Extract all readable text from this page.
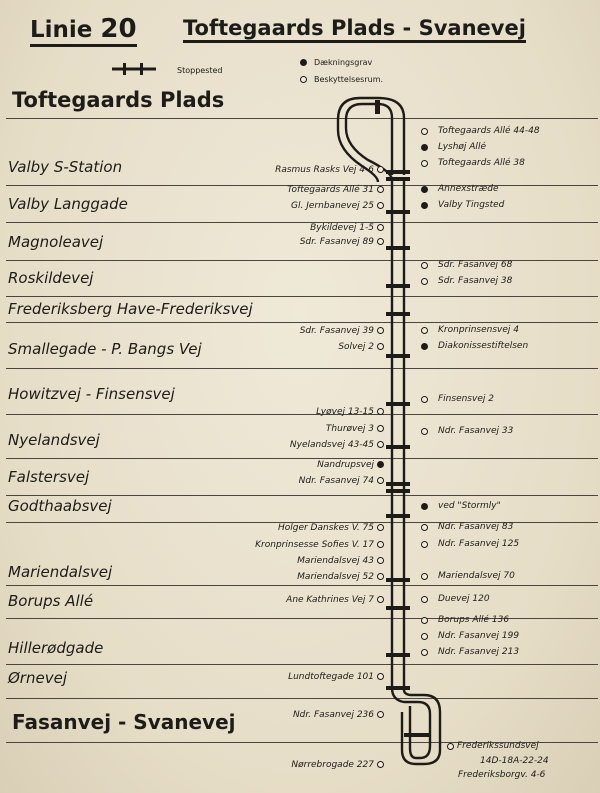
Linie 20 Toftegaards Plads - Svanevej
Stoppested
Dækningsgrav
Beskyttelsesrum.
Toftegaards Plads
Valby S-Station
Valby Langgade
Magnoleavej
Roskildevej
Frederiksberg Have-Frederiksvej
Smallegade - P. Bangs Vej
Howitzvej - Finsensvej
Nyelandsvej
Falstersvej
Godthaabsvej
Mariendalsvej
Borups Allé
Hillerødgade
Ørnevej
Fasanvej - Svanevej
Rasmus Rasks Vej 4-6
Toftegaards Allé 31
Gl. Jernbanevej 25
Bykildevej 1-5
Sdr. Fasanvej 89
Sdr. Fasanvej 39
Solvej 2
Lyøvej 13-15
Thurøvej 3
Nyelandsvej 43-45
Nandrupsvej
Ndr. Fasanvej 74
Holger Danskes V. 75
Kronprinsesse Sofies V. 17
Mariendalsvej 43
Mariendalsvej 52
Ane Kathrines Vej 7
Lundtoftegade 101
Ndr. Fasanvej 236
Nørrebrogade 227
Toftegaards Allé 44-48
Lyshøj Allé
Toftegaards Allé 38
Annexstræde
Valby Tingsted
Sdr. Fasanvej 68
Sdr. Fasanvej 38
Kronprinsensvej 4
Diakonissestiftelsen
Finsensvej 2
Ndr. Fasanvej 33
ved "Stormly"
Ndr. Fasanvej 83
Ndr. Fasanvej 125
Mariendalsvej 70
Duevej 120
Borups Allé 136
Ndr. Fasanvej 199
Ndr. Fasanvej 213
Frederikssundsvej
14D-18A-22-24
Frederiksborgv. 4-6
